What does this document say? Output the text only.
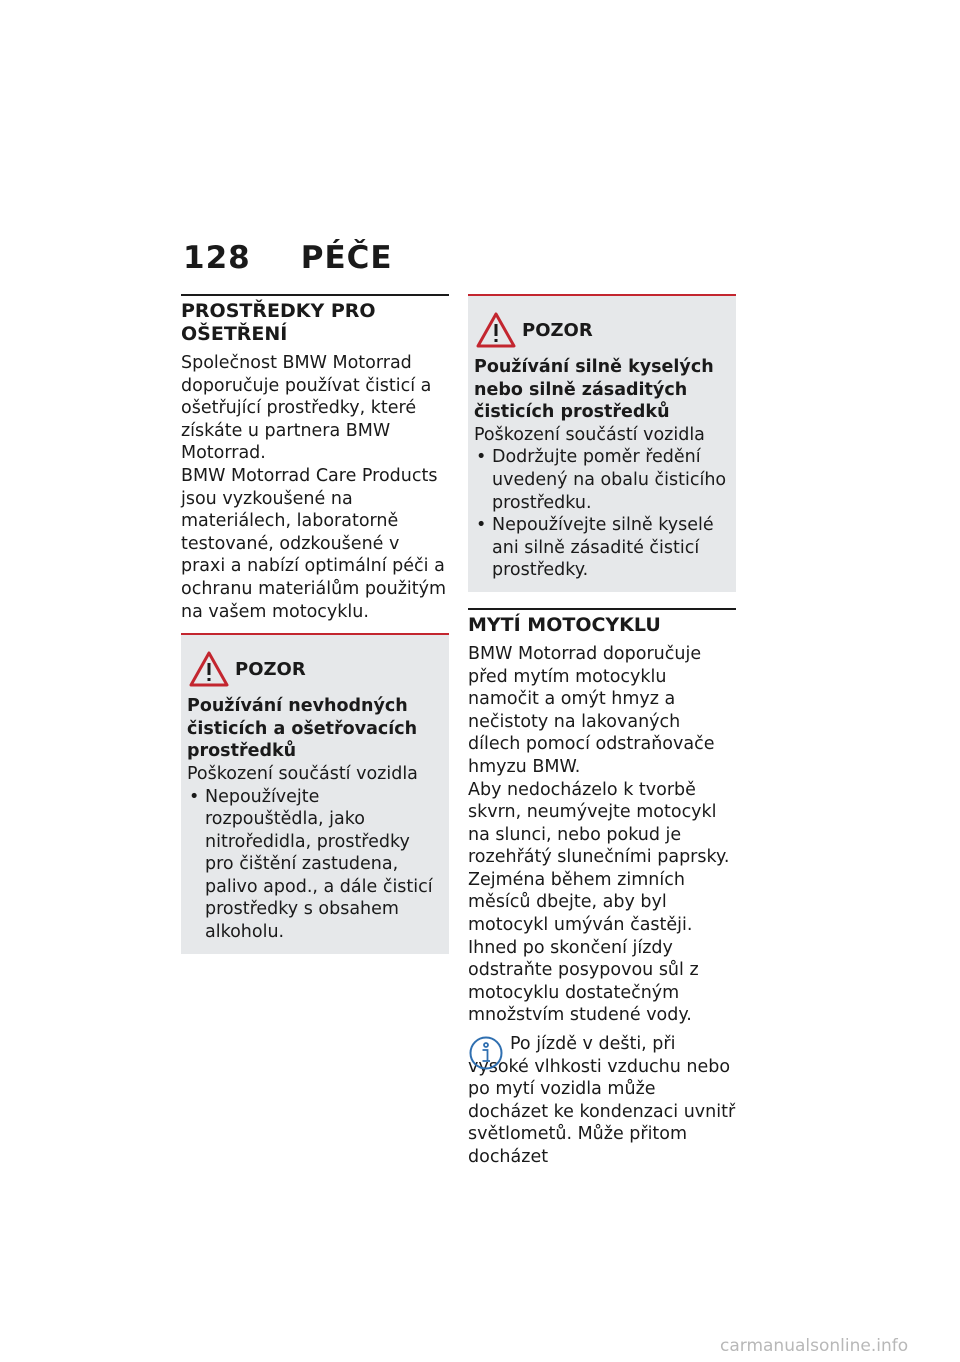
128 PÉČE
PROSTŘEDKY PRO OŠETŘENÍ

Společnost BMW Motorrad doporučuje používat čisticí a ošetřující prostředky, které získáte u partnera BMW Motorrad.

BMW Motorrad Care Products jsou vyzkoušené na materiálech, laboratorně testované, odzkoušené v praxi a nabízí optimální péči a ochranu materiálům použitým na vašem motocyklu.

POZOR
Používání nevhodných čisticích a ošetřovacích prostředků
Poškození součástí vozidla
• Nepoužívejte rozpouštědla, jako nitroředidla, prostředky pro čištění zastudena, palivo apod., a dále čisticí prostředky s obsahem alkoholu.
POZOR
Používání silně kyselých nebo silně zásaditých čisticích prostředků
Poškození součástí vozidla
• Dodržujte poměr ředění uvedený na obalu čisticího prostředku.
• Nepoužívejte silně kyselé ani silně zásadité čisticí prostředky.
MYTÍ MOTOCYKLU

BMW Motorrad doporučuje před mytím motocyklu namočit a omýt hmyz a nečistoty na lakovaných dílech pomocí odstraňovače hmyzu BMW.

Aby nedocházelo k tvorbě skvrn, neumývejte motocykl na slunci, nebo pokud je rozehřátý slunečními paprsky.

Zejména během zimních měsíců dbejte, aby byl motocykl umýván častěji.

Ihned po skončení jízdy odstraňte posypovou sůl z motocyklu dostatečným množstvím studené vody.

Po jízdě v dešti, při vysoké vlhkosti vzduchu nebo po mytí vozidla může docházet ke kondenzaci uvnitř světlometů. Může přitom docházet
carmanualsonline.info
